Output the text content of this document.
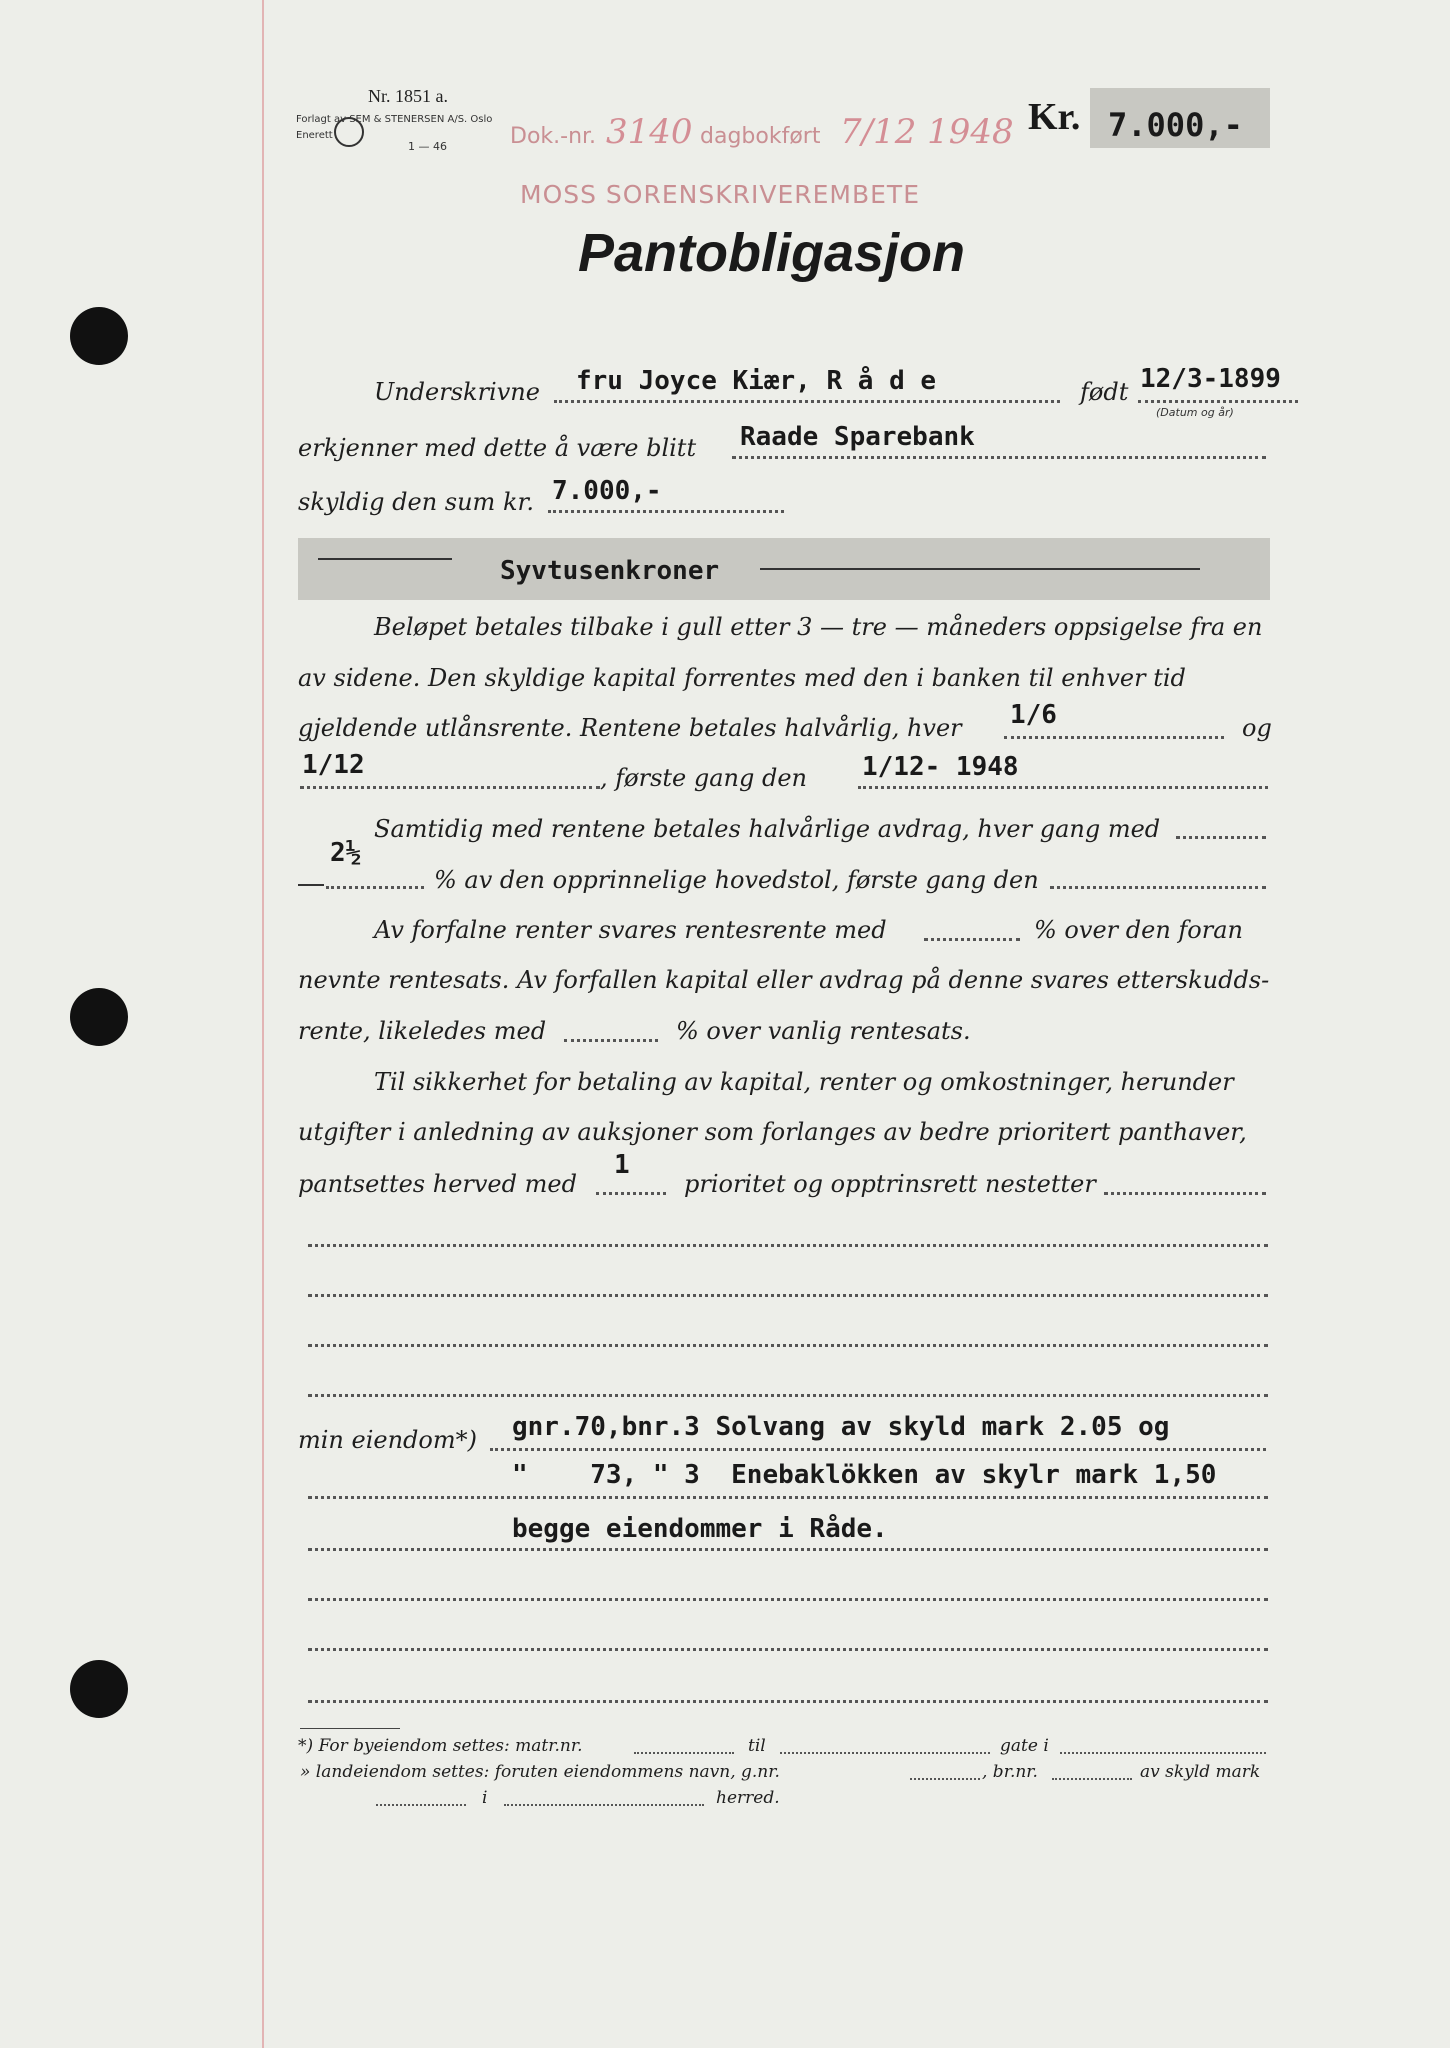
Nr. 1851 a.
Forlagt av SEM & STENERSEN A/S. Oslo
Enerett
1 — 46	Dok.-nr. 3140 dagbokført 7/12 1948
MOSS SORENSKRIVEREMBETE
Kr. 7.000,-
Pantobligasjon
Underskrivne fru Joyce Kiær, R å d e	født 12/3-1899
(Datum og år)
erkjenner med dette å være blitt Raade Sparebank
skyldig den sum kr. 7.000,-
Syvtusenkroner
Beløpet betales tilbake i gull etter 3 — tre — måneders oppsigelse fra en
av sidene. Den skyldige kapital forrentes med den i banken til enhver tid
gjeldende utlånsrente. Rentene betales halvårlig, hver 1/6	og
1/12	, første gang den 1/12- 1948
Samtidig med rentene betales halvårlige avdrag, hver gang med
2½
% av den opprinnelige hovedstol, første gang den
Av forfalne renter svares rentesrente med	% over den foran
nevnte rentesats. Av forfallen kapital eller avdrag på denne svares etterskudds-
rente, likeledes med	% over vanlig rentesats.
Til sikkerhet for betaling av kapital, renter og omkostninger, herunder
utgifter i anledning av auksjoner som forlanges av bedre prioritert panthaver,
pantsettes herved med
1
prioritet og opptrinsrett nestetter
min eiendom*) gnr.70,bnr.3 Solvang av skyld mark 2.05 og
"    73, " 3  Enebaklökken av skylr mark 1,50
begge eiendommer i Råde.
*) For byeiendom settes: matr.nr.	til	gate i
» landeiendom settes: foruten eiendommens navn, g.nr.	, br.nr.	av skyld mark
i	herred.
